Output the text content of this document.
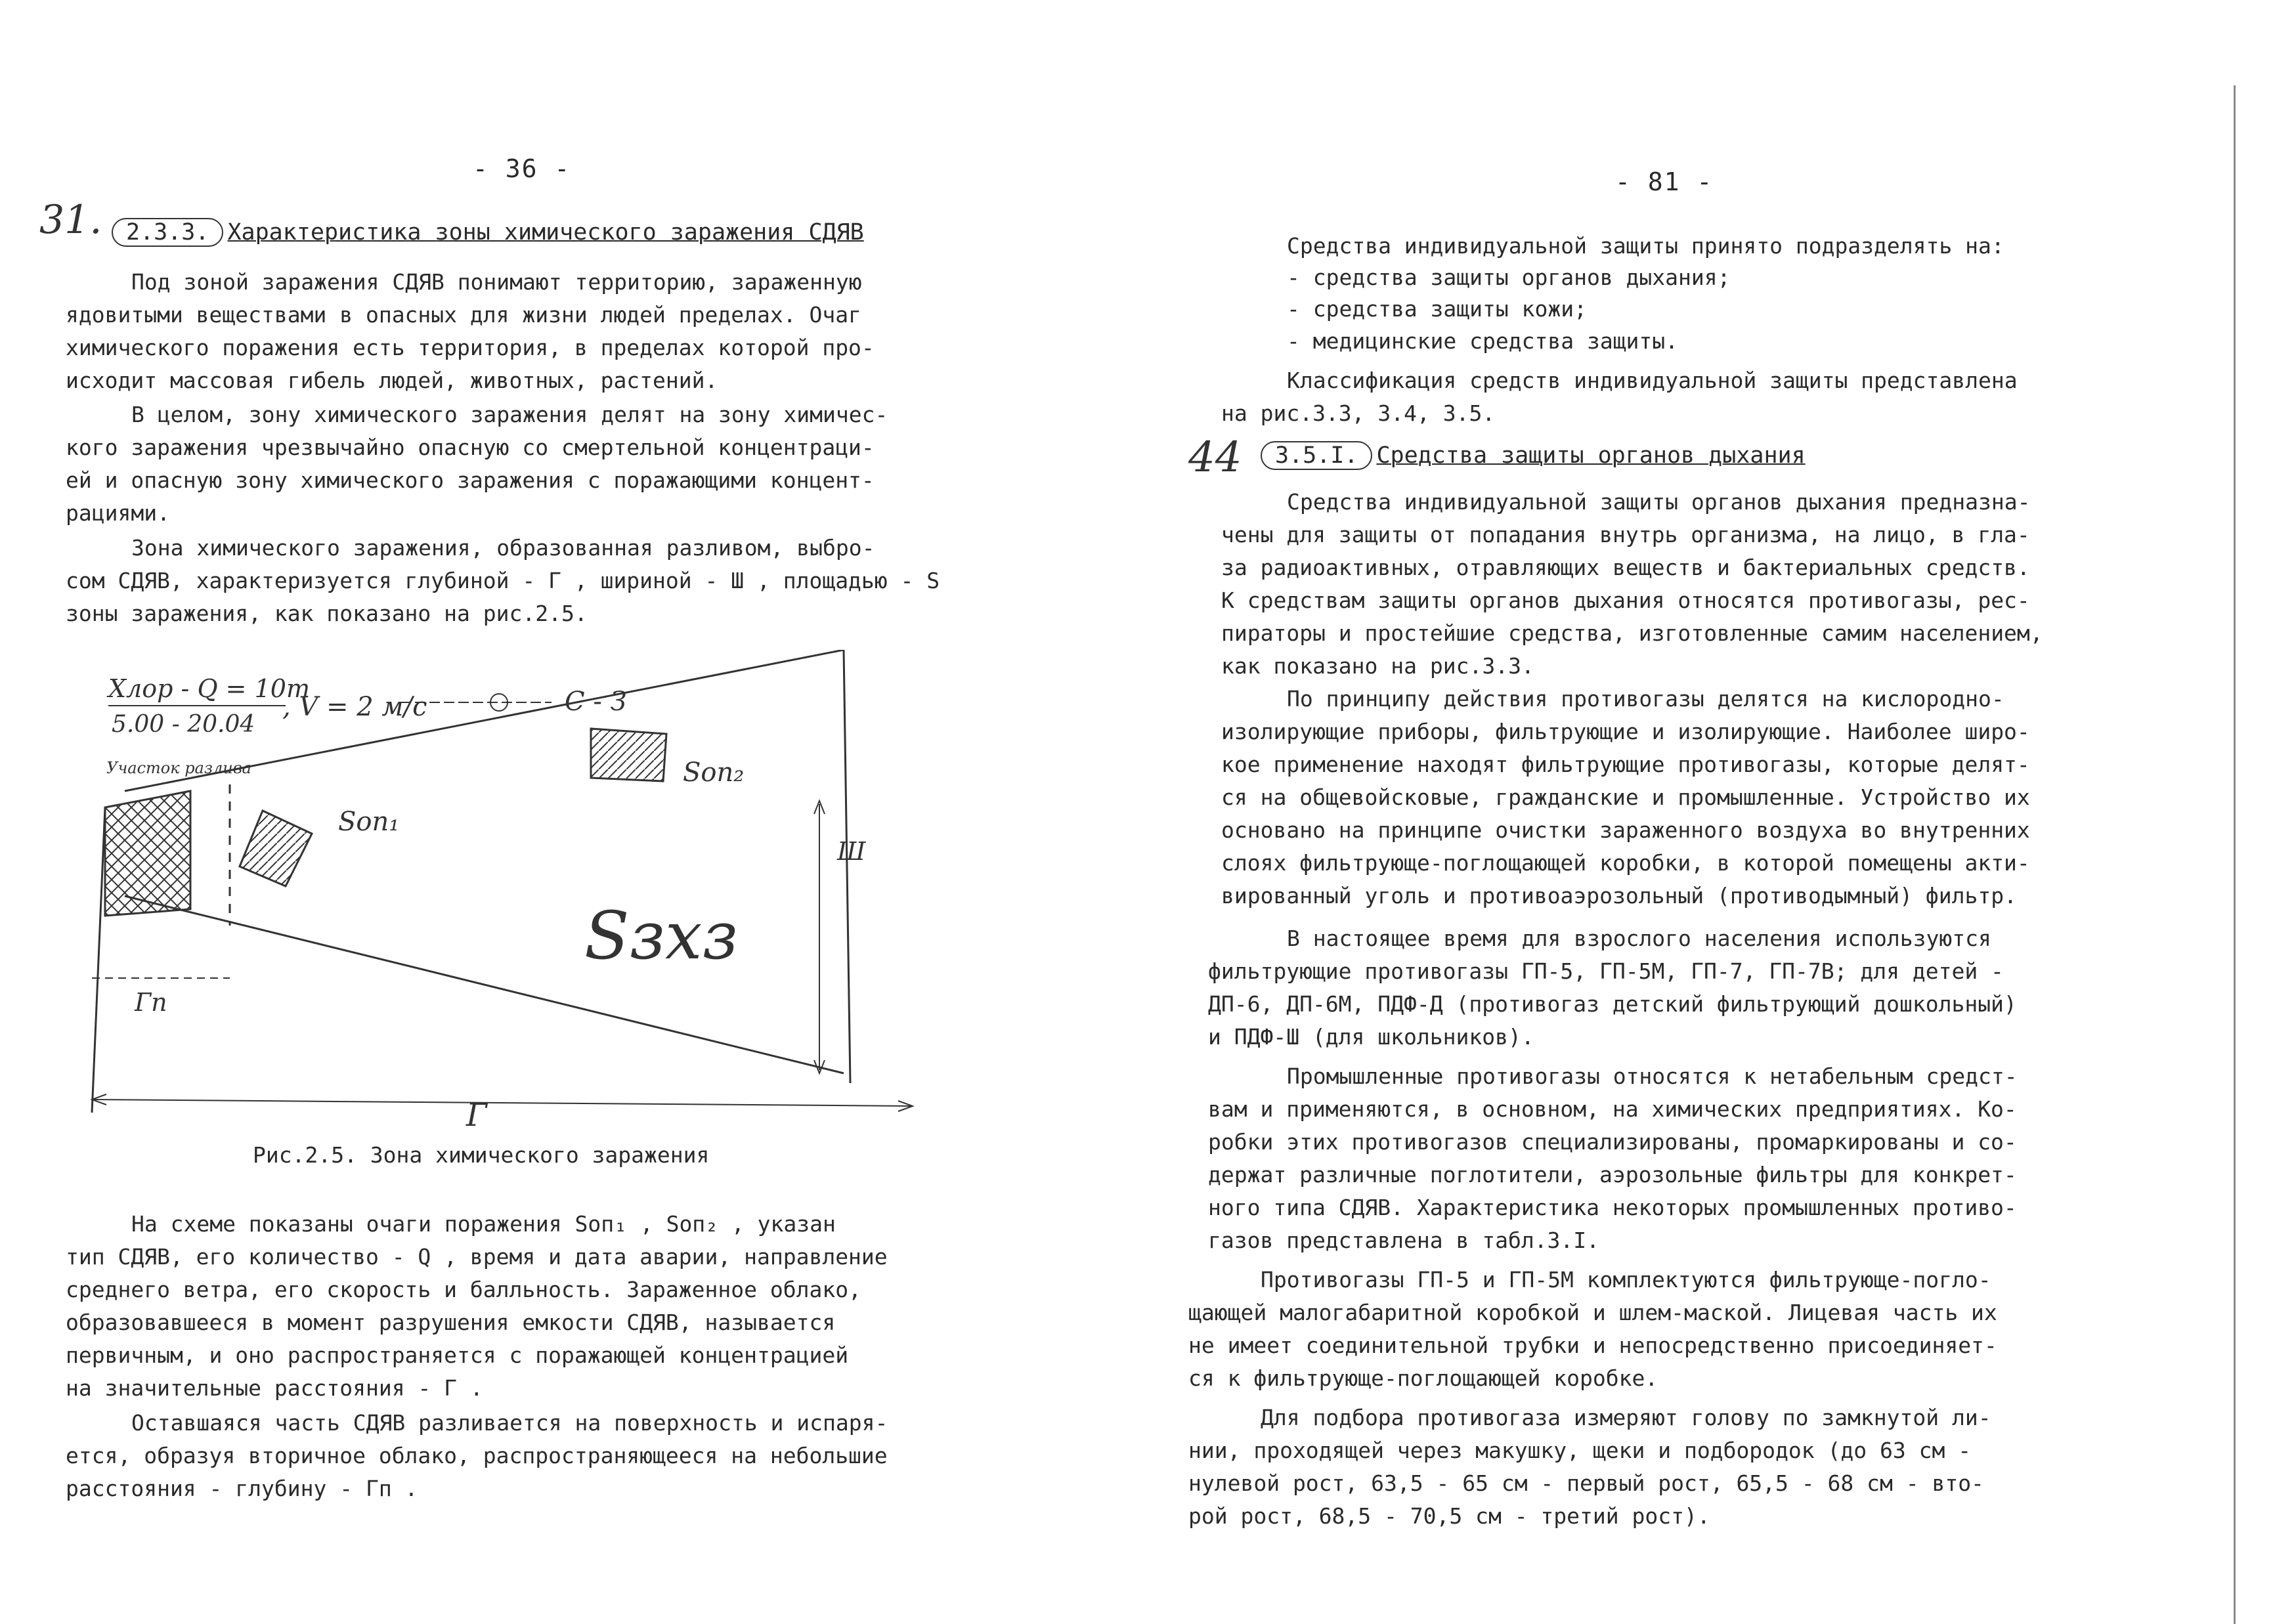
- 36 -
31.	2.3.3. Характеристика зоны химического заражения СДЯВ
Под зоной заражения СДЯВ понимают территорию, зараженную
ядовитыми веществами в опасных для жизни людей пределах. Очаг
химического поражения есть территория, в пределах которой про-
исходит массовая гибель людей, животных, растений.
В целом, зону химического заражения делят на зону химичес-
кого заражения чрезвычайно опасную со смертельной концентраци-
ей и опасную зону химического заражения с поражающими концент-
рациями.
Зона химического заражения, образованная разливом, выбро-
сом СДЯВ, характеризуется глубиной - Г , шириной - Ш , площадью - S
зоны заражения, как показано на рис.2.5.
Хлор - Q = 10т
5.00 - 20.04
, V = 2 м/с	С - З
Участок разлива
Sоп₁
Sоп₂
Sзхз
Ш
Гп
Г
Рис.2.5. Зона химического заражения
На схеме показаны очаги поражения Sоп₁ , Sоп₂ , указан
тип СДЯВ, его количество - Q , время и дата аварии, направление
среднего ветра, его скорость и балльность. Зараженное облако,
образовавшееся в момент разрушения емкости СДЯВ, называется
первичным, и оно распространяется с поражающей концентрацией
на значительные расстояния - Г .
Оставшаяся часть СДЯВ разливается на поверхность и испаря-
ется, образуя вторичное облако, распространяющееся на небольшие
расстояния - глубину - Гп .
- 81 -
Средства индивидуальной защиты принято подразделять на:
- средства защиты органов дыхания;
- средства защиты кожи;
- медицинские средства защиты.
Классификация средств индивидуальной защиты представлена
на рис.3.3, 3.4, 3.5.
44	3.5.I. Средства защиты органов дыхания
Средства индивидуальной защиты органов дыхания предназна-
чены для защиты от попадания внутрь организма, на лицо, в гла-
за радиоактивных, отравляющих веществ и бактериальных средств.
К средствам защиты органов дыхания относятся противогазы, рес-
пираторы и простейшие средства, изготовленные самим населением,
как показано на рис.3.3.
По принципу действия противогазы делятся на кислородно-
изолирующие приборы, фильтрующие и изолирующие. Наиболее широ-
кое применение находят фильтрующие противогазы, которые делят-
ся на общевойсковые, гражданские и промышленные. Устройство их
основано на принципе очистки зараженного воздуха во внутренних
слоях фильтрующе-поглощающей коробки, в которой помещены акти-
вированный уголь и противоаэрозольный (противодымный) фильтр.
В настоящее время для взрослого населения используются
фильтрующие противогазы ГП-5, ГП-5М, ГП-7, ГП-7В; для детей -
ДП-6, ДП-6М, ПДФ-Д (противогаз детский фильтрующий дошкольный)
и ПДФ-Ш (для школьников).
Промышленные противогазы относятся к нетабельным средст-
вам и применяются, в основном, на химических предприятиях. Ко-
робки этих противогазов специализированы, промаркированы и со-
держат различные поглотители, аэрозольные фильтры для конкрет-
ного типа СДЯВ. Характеристика некоторых промышленных противо-
газов представлена в табл.3.I.
Противогазы ГП-5 и ГП-5М комплектуются фильтрующе-погло-
щающей малогабаритной коробкой и шлем-маской. Лицевая часть их
не имеет соединительной трубки и непосредственно присоединяет-
ся к фильтрующе-поглощающей коробке.
Для подбора противогаза измеряют голову по замкнутой ли-
нии, проходящей через макушку, щеки и подбородок (до 63 см -
нулевой рост, 63,5 - 65 см - первый рост, 65,5 - 68 см - вто-
рой рост, 68,5 - 70,5 см - третий рост).
